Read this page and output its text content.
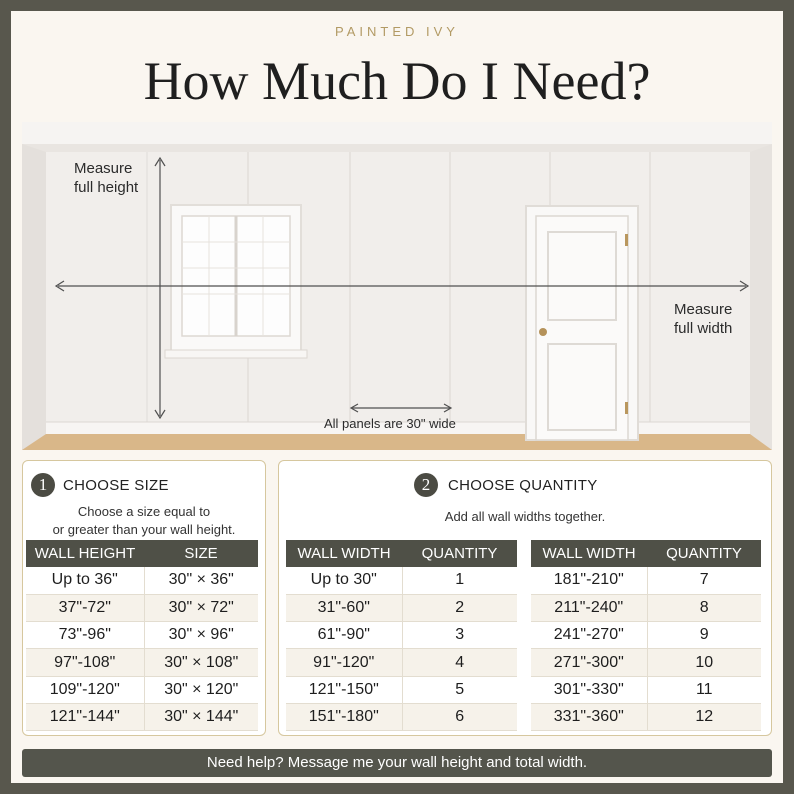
PAINTED IVY
How Much Do I Need?
Measure
full height
Measure
full width
All panels are 30" wide
1	CHOOSE SIZE
Choose a size equal to
or greater than your wall height.
WALL HEIGHT	SIZE
Up to 36"	30" × 36"
37"-72"	30" × 72"
73"-96"	30" × 96"
97"-108"	30" × 108"
109"-120"	30" × 120"
121"-144"	30" × 144"
2	CHOOSE QUANTITY
Add all wall widths together.
WALL WIDTH	QUANTITY
Up to 30"	1
31"-60"	2
61"-90"	3
91"-120"	4
121"-150"	5
151"-180"	6
WALL WIDTH	QUANTITY
181"-210"	7
211"-240"	8
241"-270"	9
271"-300"	10
301"-330"	11
331"-360"	12
Need help? Message me your wall height and total width.
